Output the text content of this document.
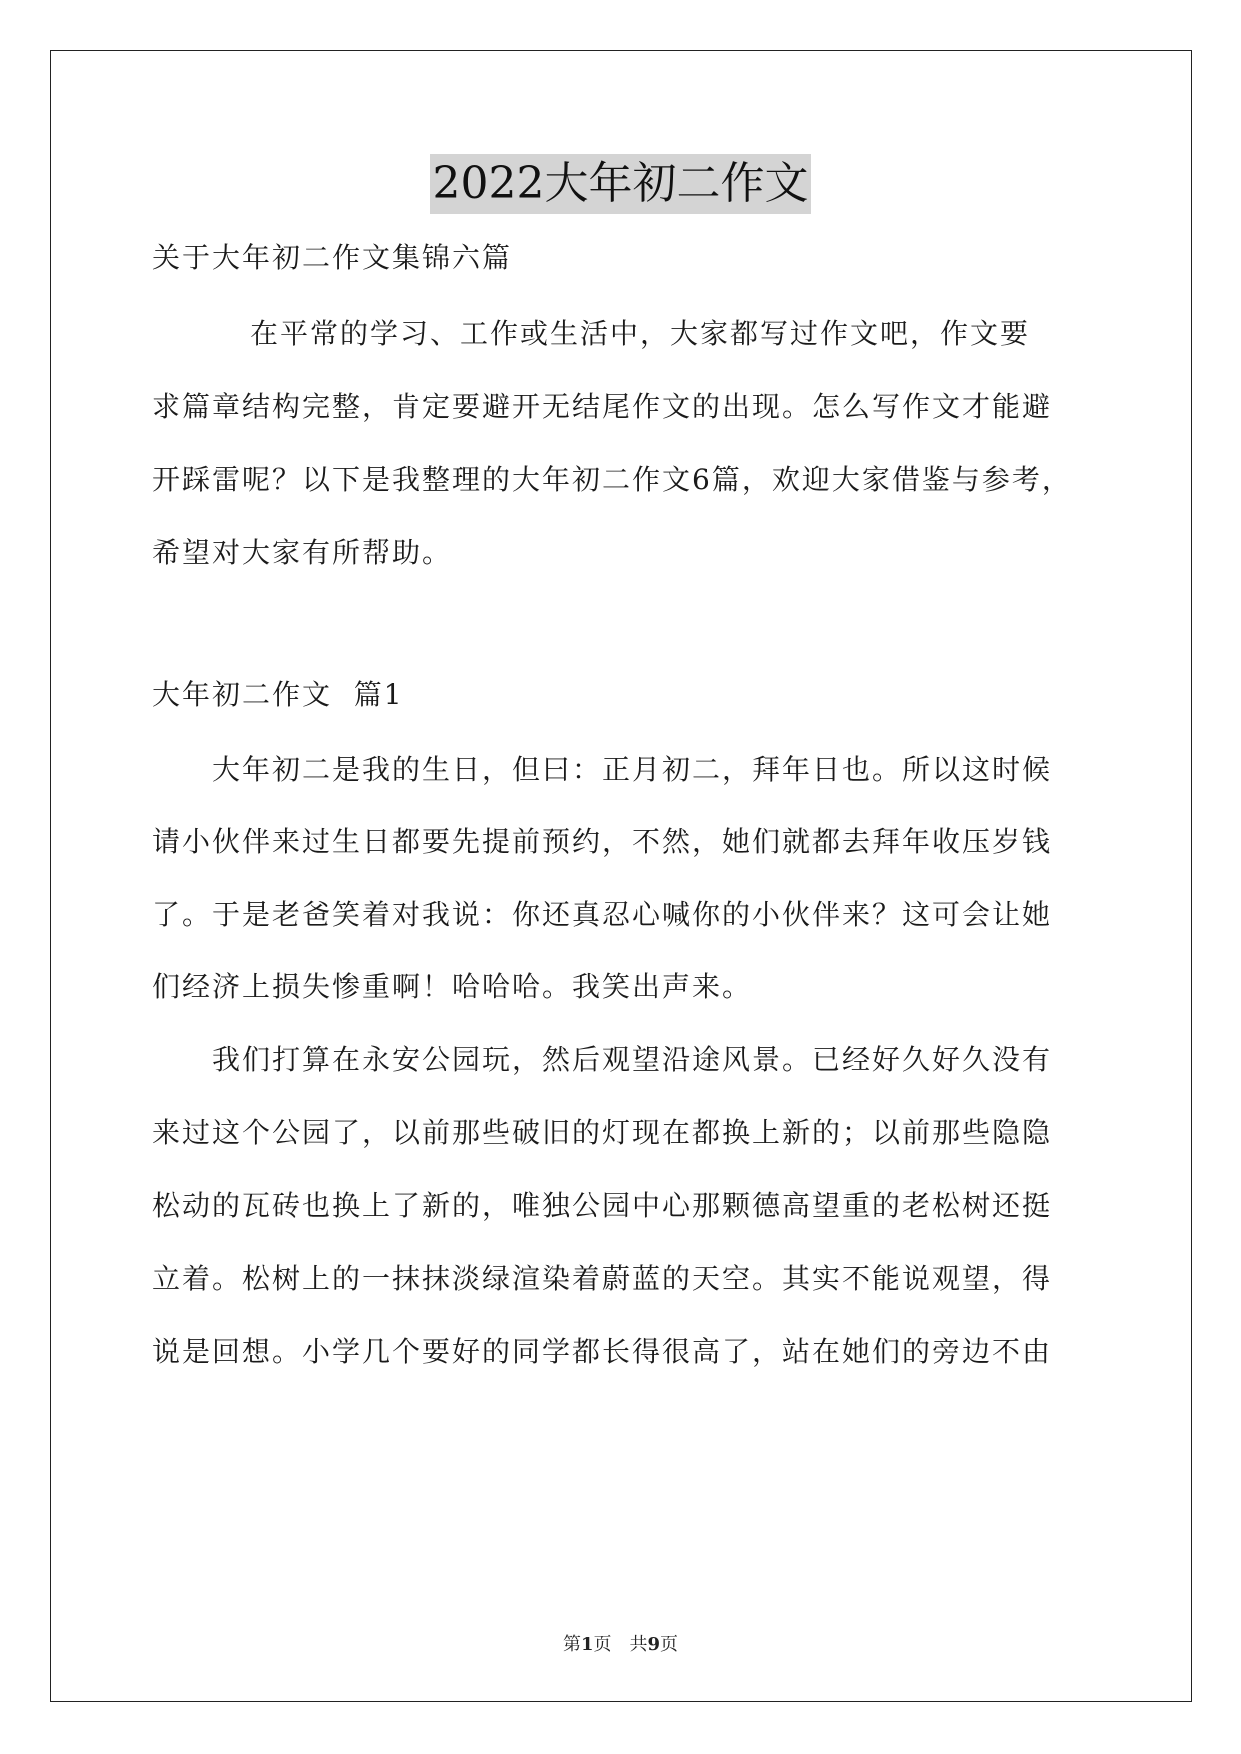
2022大年初二作文
关于大年初二作文集锦六篇
在平常的学习、工作或生活中，大家都写过作文吧，作文要
求篇章结构完整，肯定要避开无结尾作文的出现。怎么写作文才能避
开踩雷呢？以下是我整理的大年初二作文6篇，欢迎大家借鉴与参考，
希望对大家有所帮助。
大年初二作文  篇1
大年初二是我的生日，但曰：正月初二，拜年日也。所以这时候
请小伙伴来过生日都要先提前预约，不然，她们就都去拜年收压岁钱
了。于是老爸笑着对我说：你还真忍心喊你的小伙伴来？这可会让她
们经济上损失惨重啊！哈哈哈。我笑出声来。
我们打算在永安公园玩，然后观望沿途风景。已经好久好久没有
来过这个公园了，以前那些破旧的灯现在都换上新的；以前那些隐隐
松动的瓦砖也换上了新的，唯独公园中心那颗德高望重的老松树还挺
立着。松树上的一抹抹淡绿渲染着蔚蓝的天空。其实不能说观望，得
说是回想。小学几个要好的同学都长得很高了，站在她们的旁边不由
第1页　共9页
